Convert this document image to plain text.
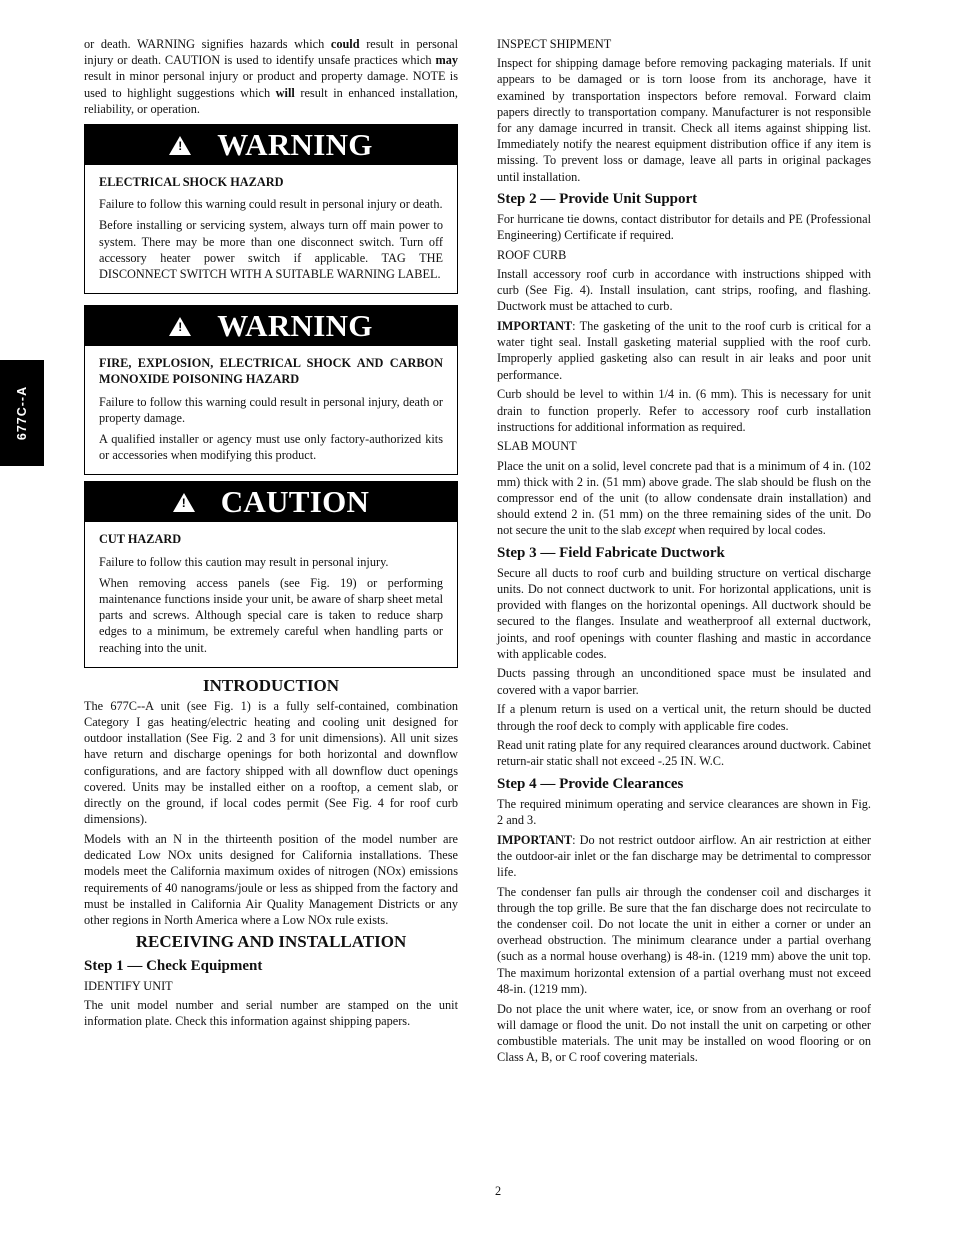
677C--A

or death. WARNING signifies hazards which could result in personal injury or death. CAUTION is used to identify unsafe practices which may result in minor personal injury or product and property damage. NOTE is used to highlight suggestions which will result in enhanced installation, reliability, or operation.

! WARNING
ELECTRICAL SHOCK HAZARD

Failure to follow this warning could result in personal injury or death.

Before installing or servicing system, always turn off main power to system. There may be more than one disconnect switch. Turn off accessory heater power switch if applicable. TAG THE DISCONNECT SWITCH WITH A SUITABLE WARNING LABEL.

! WARNING
FIRE, EXPLOSION, ELECTRICAL SHOCK AND CARBON MONOXIDE POISONING HAZARD

Failure to follow this warning could result in personal injury, death or property damage.

A qualified installer or agency must use only factory-authorized kits or accessories when modifying this product.

! CAUTION
CUT HAZARD

Failure to follow this caution may result in personal injury.

When removing access panels (see Fig. 19) or performing maintenance functions inside your unit, be aware of sharp sheet metal parts and screws. Although special care is taken to reduce sharp edges to a minimum, be extremely careful when handling parts or reaching into the unit.

INTRODUCTION

The 677C--A unit (see Fig. 1) is a fully self-contained, combination Category I gas heating/electric heating and cooling unit designed for outdoor installation (See Fig. 2 and 3 for unit dimensions). All unit sizes have return and discharge openings for both horizontal and downflow configurations, and are factory shipped with all downflow duct openings covered. Units may be installed either on a rooftop, a cement slab, or directly on the ground, if local codes permit (See Fig. 4 for roof curb dimensions).

Models with an N in the thirteenth position of the model number are dedicated Low NOx units designed for California installations. These models meet the California maximum oxides of nitrogen (NOx) emissions requirements of 40 nanograms/joule or less as shipped from the factory and must be installed in California Air Quality Management Districts or any other regions in North America where a Low NOx rule exists.

RECEIVING AND INSTALLATION
Step 1 — Check Equipment
IDENTIFY UNIT

The unit model number and serial number are stamped on the unit information plate. Check this information against shipping papers.

INSPECT SHIPMENT

Inspect for shipping damage before removing packaging materials. If unit appears to be damaged or is torn loose from its anchorage, have it examined by transportation inspectors before removal. Forward claim papers directly to transportation company. Manufacturer is not responsible for any damage incurred in transit. Check all items against shipping list. Immediately notify the nearest equipment distribution office if any item is missing. To prevent loss or damage, leave all parts in original packages until installation.

Step 2 — Provide Unit Support

For hurricane tie downs, contact distributor for details and PE (Professional Engineering) Certificate if required.

ROOF CURB

Install accessory roof curb in accordance with instructions shipped with curb (See Fig. 4). Install insulation, cant strips, roofing, and flashing. Ductwork must be attached to curb.

IMPORTANT: The gasketing of the unit to the roof curb is critical for a water tight seal. Install gasketing material supplied with the roof curb. Improperly applied gasketing also can result in air leaks and poor unit performance.

Curb should be level to within 1/4 in. (6 mm). This is necessary for unit drain to function properly. Refer to accessory roof curb installation instructions for additional information as required.

SLAB MOUNT

Place the unit on a solid, level concrete pad that is a minimum of 4 in. (102 mm) thick with 2 in. (51 mm) above grade. The slab should be flush on the compressor end of the unit (to allow condensate drain installation) and should extend 2 in. (51 mm) on the three remaining sides of the unit. Do not secure the unit to the slab except when required by local codes.

Step 3 — Field Fabricate Ductwork

Secure all ducts to roof curb and building structure on vertical discharge units. Do not connect ductwork to unit. For horizontal applications, unit is provided with flanges on the horizontal openings. All ductwork should be secured to the flanges. Insulate and weatherproof all external ductwork, joints, and roof openings with counter flashing and mastic in accordance with applicable codes.

Ducts passing through an unconditioned space must be insulated and covered with a vapor barrier.

If a plenum return is used on a vertical unit, the return should be ducted through the roof deck to comply with applicable fire codes.

Read unit rating plate for any required clearances around ductwork. Cabinet return-air static shall not exceed -.25 IN. W.C.

Step 4 — Provide Clearances

The required minimum operating and service clearances are shown in Fig. 2 and 3.

IMPORTANT: Do not restrict outdoor airflow. An air restriction at either the outdoor-air inlet or the fan discharge may be detrimental to compressor life.

The condenser fan pulls air through the condenser coil and discharges it through the top grille. Be sure that the fan discharge does not recirculate to the condenser coil. Do not locate the unit in either a corner or under an overhead obstruction. The minimum clearance under a partial overhang (such as a normal house overhang) is 48-in. (1219 mm) above the unit top. The maximum horizontal extension of a partial overhang must not exceed 48-in. (1219 mm).

Do not place the unit where water, ice, or snow from an overhang or roof will damage or flood the unit. Do not install the unit on carpeting or other combustible materials. The unit may be installed on wood flooring or on Class A, B, or C roof covering materials.

2
